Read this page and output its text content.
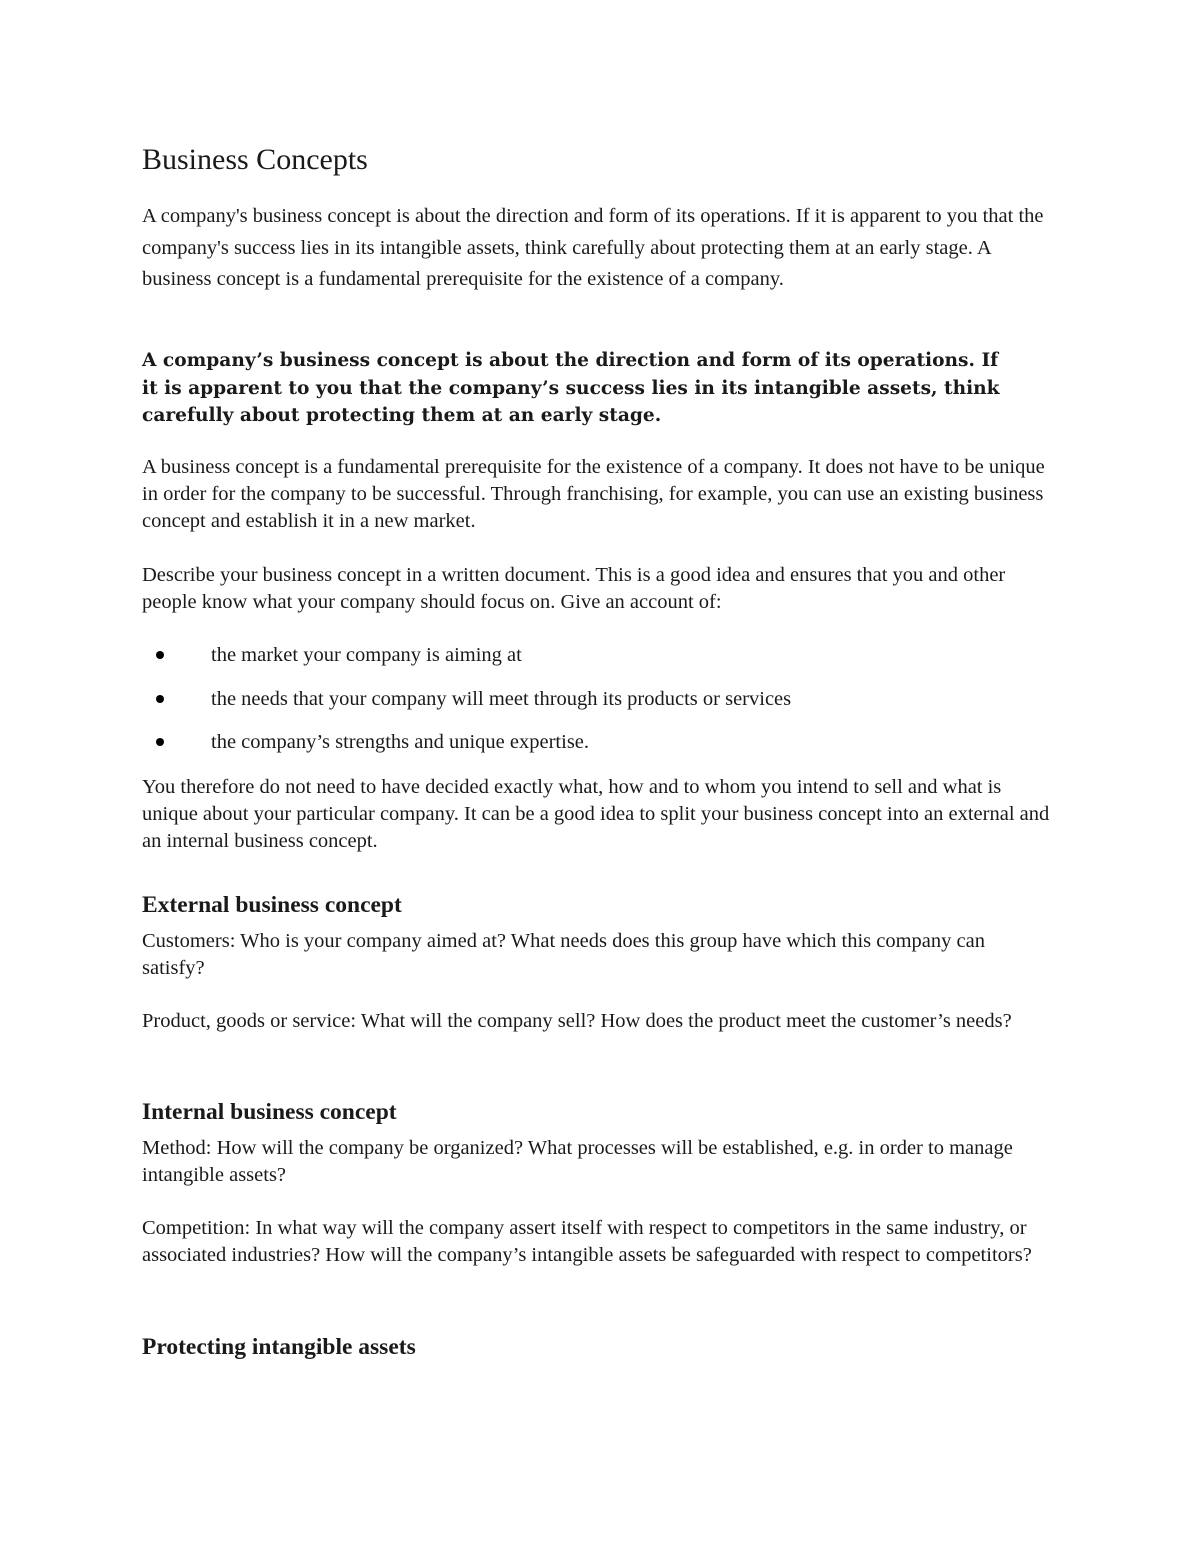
Business Concepts

A company's business concept is about the direction and form of its operations. If it is apparent to you that the company's success lies in its intangible assets, think carefully about protecting them at an early stage. A business concept is a fundamental prerequisite for the existence of a company.

A company’s business concept is about the direction and form of its operations. If it is apparent to you that the company’s success lies in its intangible assets, think carefully about protecting them at an early stage.

A business concept is a fundamental prerequisite for the existence of a company. It does not have to be unique in order for the company to be successful. Through franchising, for example, you can use an existing business concept and establish it in a new market.

Describe your business concept in a written document. This is a good idea and ensures that you and other people know what your company should focus on. Give an account of:

the market your company is aiming at
the needs that your company will meet through its products or services
the company’s strengths and unique expertise.

You therefore do not need to have decided exactly what, how and to whom you intend to sell and what is unique about your particular company. It can be a good idea to split your business concept into an external and an internal business concept.

External business concept

Customers: Who is your company aimed at? What needs does this group have which this company can satisfy?

Product, goods or service: What will the company sell? How does the product meet the customer’s needs?

Internal business concept

Method: How will the company be organized? What processes will be established, e.g. in order to manage intangible assets?

Competition: In what way will the company assert itself with respect to competitors in the same industry, or associated industries? How will the company’s intangible assets be safeguarded with respect to competitors?

Protecting intangible assets
